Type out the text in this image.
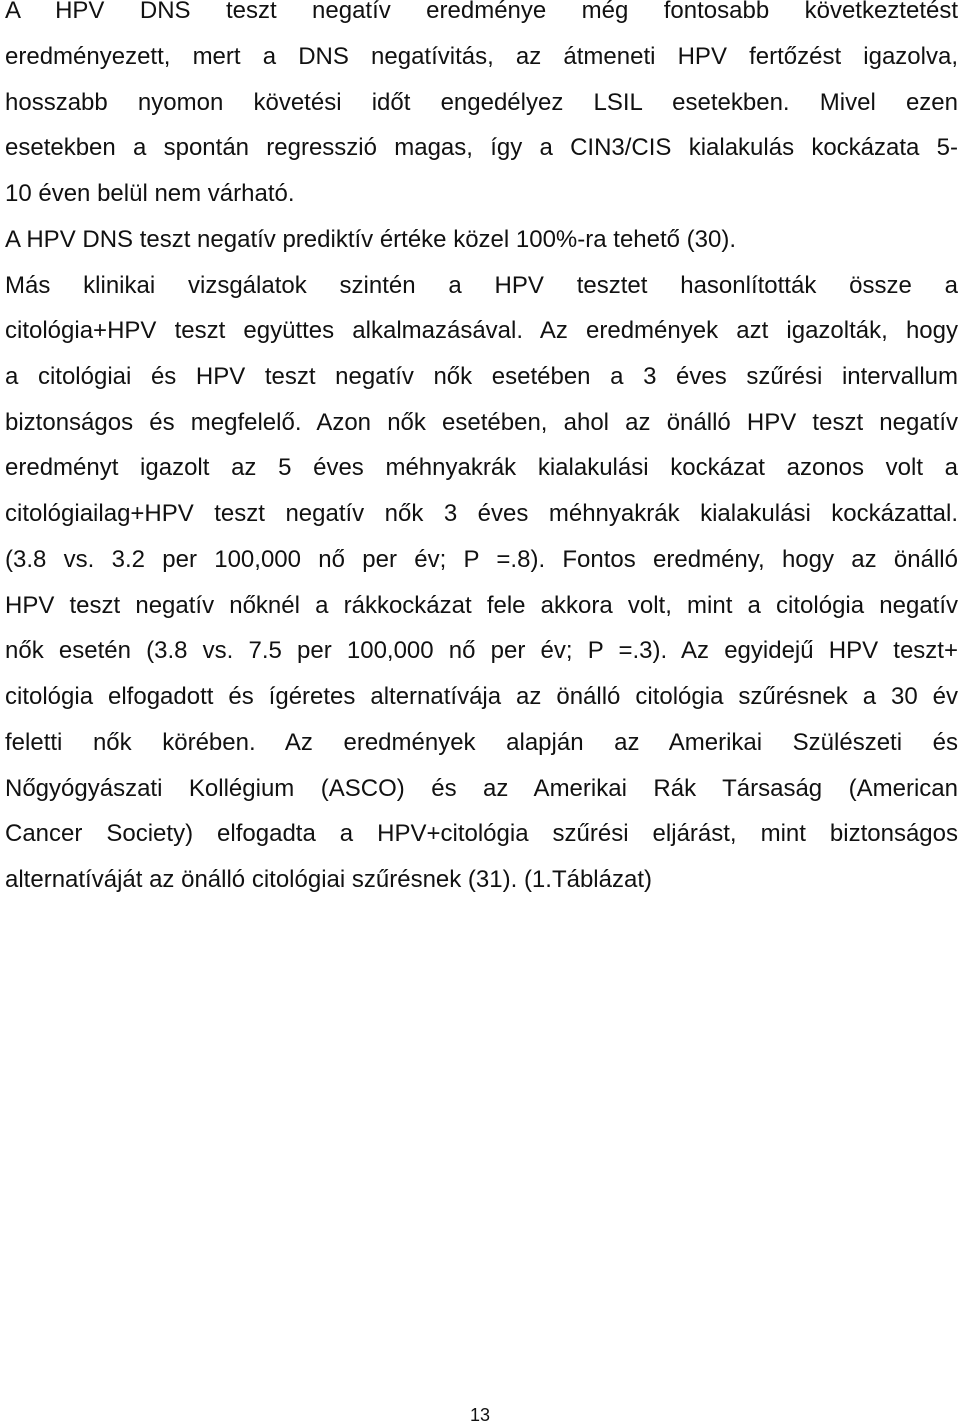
A HPV DNS teszt negatív eredménye még fontosabb következtetést
eredményezett, mert a DNS negatívitás, az átmeneti HPV fertőzést igazolva,
hosszabb nyomon követési időt engedélyez LSIL esetekben. Mivel ezen
esetekben a spontán regresszió magas, így a CIN3/CIS kialakulás kockázata 5-
10 éven belül nem várható.
A HPV DNS teszt negatív prediktív értéke közel 100%-ra tehető (30).
Más klinikai vizsgálatok szintén a HPV tesztet hasonlították össze a
citológia+HPV teszt együttes alkalmazásával. Az eredmények azt igazolták, hogy
a citológiai és HPV teszt negatív nők esetében a 3 éves szűrési intervallum
biztonságos és megfelelő. Azon nők esetében, ahol az önálló HPV teszt negatív
eredményt igazolt az 5 éves méhnyakrák kialakulási kockázat azonos volt a
citológiailag+HPV teszt negatív nők 3 éves méhnyakrák kialakulási kockázattal.
(3.8 vs. 3.2 per 100,000 nő per év; P =.8). Fontos eredmény, hogy az önálló
HPV teszt negatív nőknél a rákkockázat fele akkora volt, mint a citológia negatív
nők esetén (3.8 vs. 7.5 per 100,000 nő per év; P =.3). Az egyidejű HPV teszt+
citológia elfogadott és ígéretes alternatívája az önálló citológia szűrésnek a 30 év
feletti nők körében. Az eredmények alapján az Amerikai Szülészeti és
Nőgyógyászati Kollégium (ASCO) és az Amerikai Rák Társaság (American
Cancer Society) elfogadta a HPV+citológia szűrési eljárást, mint biztonságos
alternatíváját az önálló citológiai szűrésnek (31). (1.Táblázat)
13
